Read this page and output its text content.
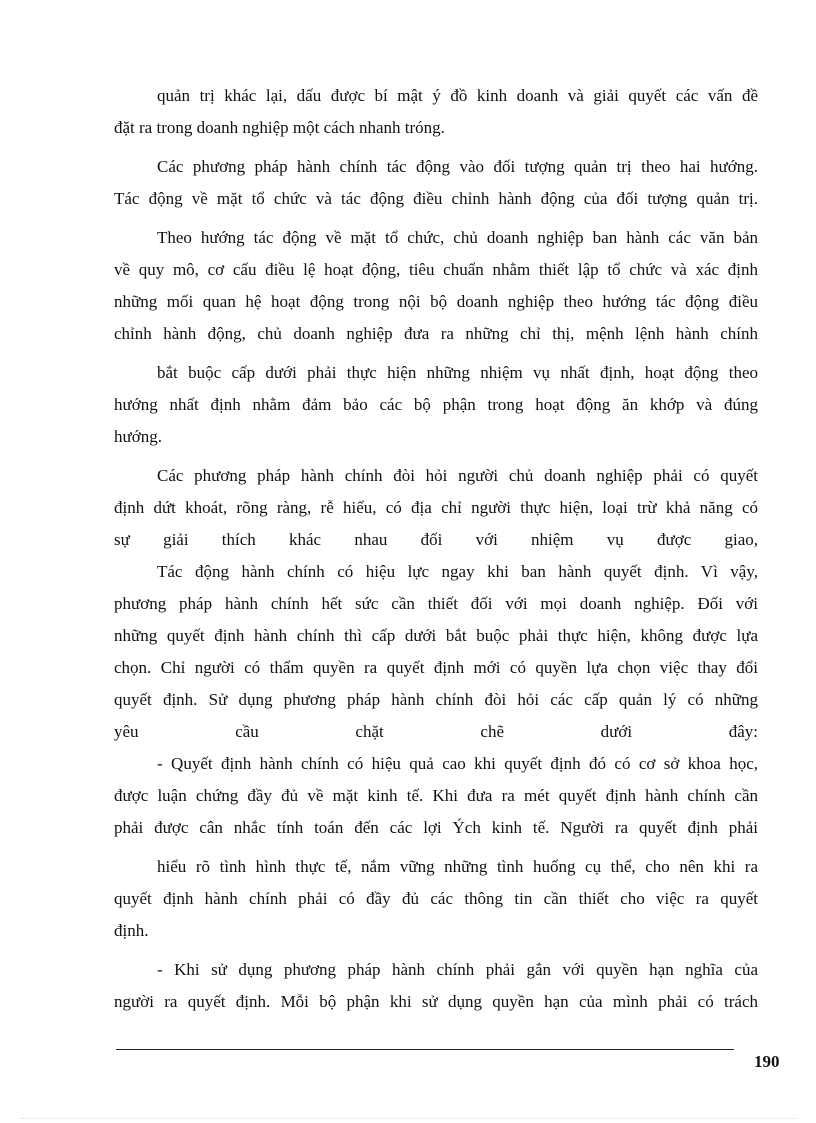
quản trị khác lại, dấu được bí mật ý đồ kinh doanh và giải quyết các vấn đề
đặt ra trong doanh nghiệp một cách nhanh tróng.
Các phương pháp hành chính tác động vào đối tượng quản trị theo hai hướng.
Tác động về mặt tổ chức và tác động điều chỉnh hành động của đối tượng quản trị.
Theo hướng tác động về mặt tổ chức, chủ doanh nghiệp ban hành các văn bản
về quy mô, cơ cấu điều lệ hoạt động, tiêu chuẩn nhằm thiết lập tổ chức và xác định
những mối quan hệ hoạt động trong nội bộ doanh nghiệp theo hướng tác động điều
chỉnh hành động, chủ doanh nghiệp đưa ra những chỉ thị, mệnh lệnh hành chính
bắt buộc cấp dưới phải thực hiện những nhiệm vụ nhất định, hoạt động theo
hướng nhất định nhằm đảm bảo các bộ phận trong hoạt động ăn khớp và đúng
hướng.
Các phương pháp hành chính đòi hỏi người chủ doanh nghiệp phải có quyết
định dứt khoát, rõng ràng, rễ hiểu, có địa chỉ người thực hiện, loại trừ khả năng có
sự giải thích khác nhau đối với nhiệm vụ được giao,
Tác động hành chính có hiệu lực ngay khi ban hành quyết định. Vì vậy,
phương pháp hành chính hết sức cần thiết đối với mọi doanh nghiệp. Đối với
những quyết định hành chính thì cấp dưới bắt buộc phải thực hiện, không được lựa
chọn. Chỉ người có thẩm quyền ra quyết định mới có quyền lựa chọn việc thay đổi
quyết định. Sử dụng phương pháp hành chính đòi hỏi các cấp quản lý có những
yêu cầu chặt chẽ dưới đây:
- Quyết định hành chính có hiệu quả cao khi quyết định đó có cơ sở khoa học,
được luận chứng đầy đủ về mặt kinh tế. Khi đưa ra mét quyết định hành chính cần
phải được cân nhắc tính toán đến các lợi Ých kinh tế. Người ra quyết định phải
hiểu rõ tình hình thực tế, nắm vững những tình huống cụ thể, cho nên khi ra
quyết định hành chính phải có đầy đủ các thông tin cần thiết cho việc ra quyết
định.
- Khi sử dụng phương pháp hành chính phải gắn với quyền hạn nghĩa của
người ra quyết định. Mỗi bộ phận khi sử dụng quyền hạn của mình phải có trách
190
